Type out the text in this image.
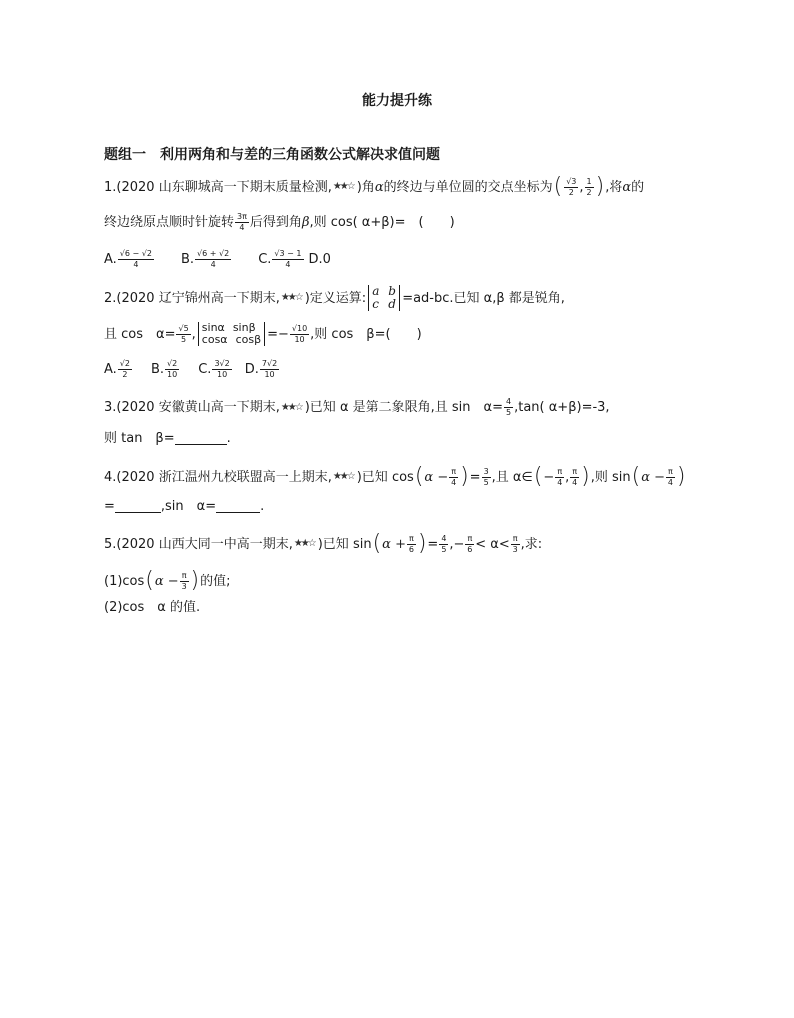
能力提升练
题组一　利用两角和与差的三角函数公式解决求值问题
1.(2020 山东聊城高一下期末质量检测, ★★☆ )角 α 的终边与单位圆的交点坐标为 ( $\frac{√3}{2}$ , $\frac{1}{2}$ ) ,将 α 的
终边绕原点顺时针旋转 $\frac{3\pi}{4}$ 后得到角 β ,则 cos( α+β)=　(　　)
A. $\frac{√6 - √2}{4} B$. $\frac{√6 + √2}{4} C$. $\frac{√3 - 1}{4} D.0$
2.(2020 辽宁锦州高一下期末, ★★☆ )定义运算: a b
c d =ad-bc.已知 α,β 都是锐角,
且 cos　$\alpha= \frac{√5}{5}$ , sinα sinβ
cosα $\cos\beta =- \frac{√10}{10}$ ,则 cos　β=(　　)
A. $\frac{√2}{2} B$. $\frac{√2}{10} C$. $\frac{3√2}{10} D$. $\frac{7√2}{10}$
3.(2020 安徽黄山高一下期末, ★★☆ )已知 α 是第二象限角,且 sin　$\alpha= \frac{4}{5} ,\tan$( α+β)=-3,
则 tan　β=	.
4.(2020 浙江温州九校联盟高一上期末, ★★☆ )已知 cos ( $\alpha - \frac{\pi}{4}$ ) = $\frac{3}{5}$ ,且 α∈ ( − $\frac{\pi}{4}$ , $\frac{\pi}{4}$ ) ,则 sin ( $\alpha - \frac{\pi}{4}$ )
=	,sin　α=	.
5.(2020 山西大同一中高一期末, ★★☆ )已知 sin ( $\alpha + \frac{\pi}{6}$ ) = $\frac{4}{5}$ ,− $\frac{\pi}{6} < \alpha< \frac{\pi}{3}$ ,求:
(1)cos ( $\alpha - \frac{\pi}{3}$ ) 的值;
(2)cos　α 的值.
